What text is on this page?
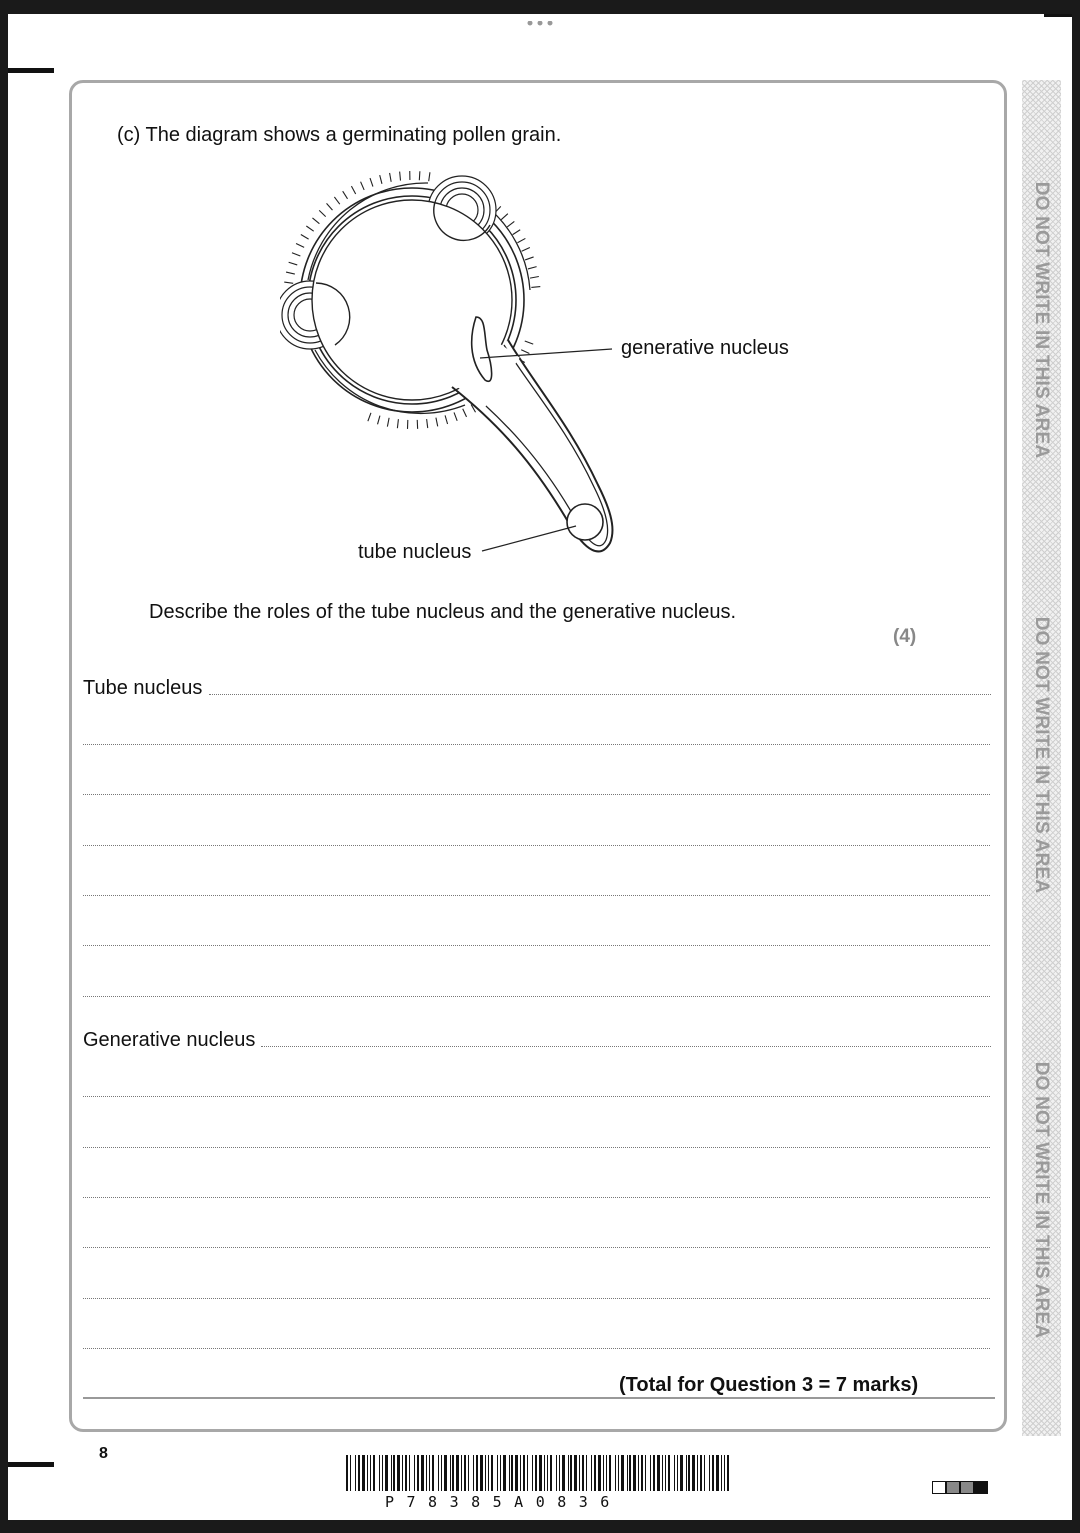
(c) The diagram shows a germinating pollen grain.
generative nucleus
tube nucleus
Describe the roles of the tube nucleus and the generative nucleus.
(4)
Tube nucleus
Generative nucleus
(Total for Question 3 = 7 marks)
DO NOT WRITE IN THIS AREA
DO NOT WRITE IN THIS AREA
DO NOT WRITE IN THIS AREA
8
P78385A0836
